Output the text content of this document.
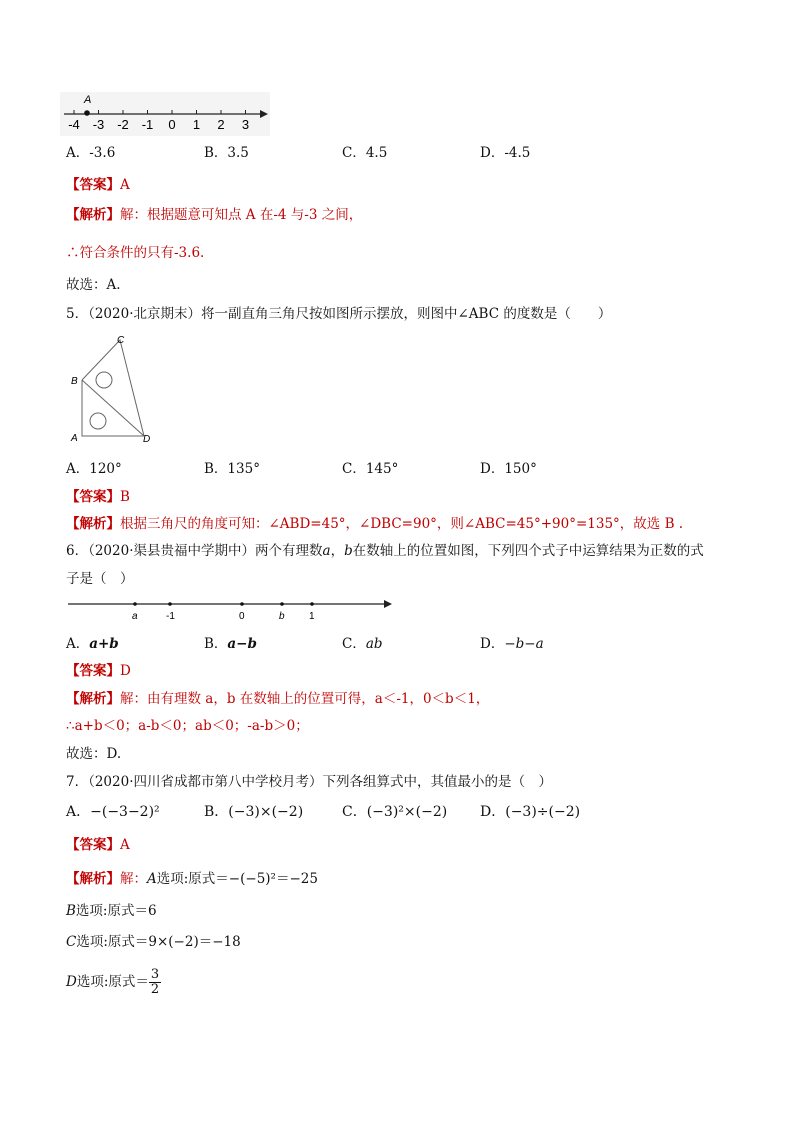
-4 -3 -2 -1 0 1 2 3
A
A．-3.6	B．3.5	C．4.5	D．-4.5
【答案】A
【解析】解：根据题意可知点 A 在-4 与-3 之间，
∴符合条件的只有-3.6.
故选：A.
5．（2020·北京期末）将一副直角三角尺按如图所示摆放，则图中∠ABC 的度数是（　　）
C
B
A	D
A．120°	B．135°	C．145°	D．150°
【答案】B
【解析】根据三角尺的角度可知：∠ABD=45°，∠DBC=90°，则∠ABC=45°+90°=135°，故选 B .
6．（2020·渠县贵福中学期中）两个有理数a，b在数轴上的位置如图，下列四个式子中运算结果为正数的式
子是（　）
a	-1	0	b 1
A．a+b	B．a−b	C．ab	D．−b−a
【答案】D
【解析】解：由有理数 a，b 在数轴上的位置可得，a＜-1，0＜b＜1，
∴a+b＜0；a-b＜0；ab＜0；-a-b＞0；
故选：D.
7．（2020·四川省成都市第八中学校月考）下列各组算式中，其值最小的是（　）
A．−(−3−2)²	B．(−3)×(−2)	C．(−3)²×(−2) D．(−3)÷(−2)
【答案】A
【解析】解：A选项:原式＝−(−5)²＝−25
B选项:原式＝6
C选项:原式＝9×(−2)＝−18
D选项:原式＝ $\frac{3}{2}$
